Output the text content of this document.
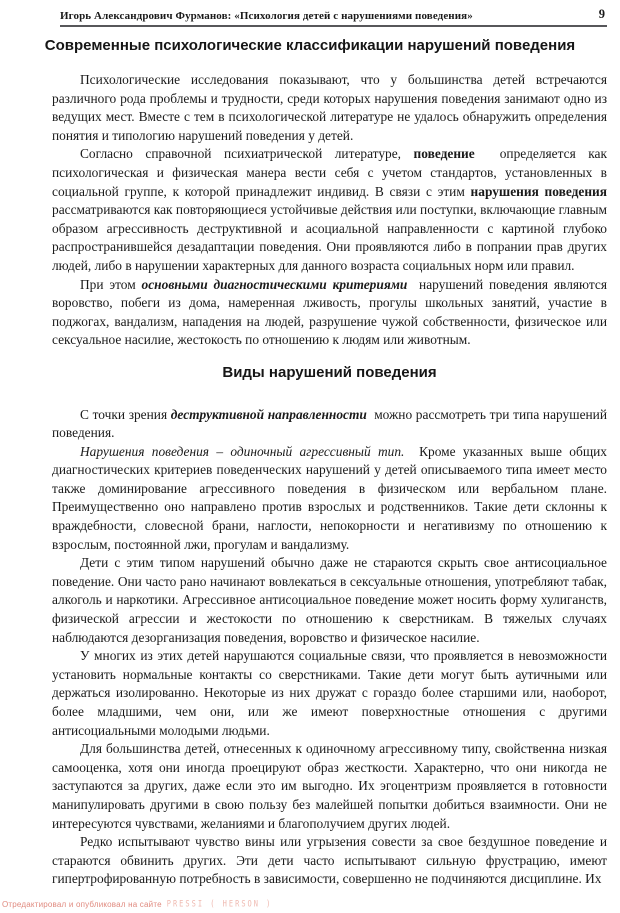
Игорь Александрович Фурманов: «Психология детей с нарушениями поведения»	9
Современные психологические классификации нарушений поведения

Психологические исследования показывают, что у большинства детей встречаются различного рода проблемы и трудности, среди которых нарушения поведения занимают одно из ведущих мест. Вместе с тем в психологической литературе не удалось обнаружить определения понятия и типологию нарушений поведения у детей.

Согласно справочной психиатрической литературе, поведение  определяется как психологическая и физическая манера вести себя с учетом стандартов, установленных в социальной группе, к которой принадлежит индивид. В связи с этим нарушения поведения рассматриваются как повторяющиеся устойчивые действия или поступки, включающие главным образом агрессивность деструктивной и асоциальной направленности с картиной глубоко распространившейся дезадаптации поведения. Они проявляются либо в попрании прав других людей, либо в нарушении характерных для данного возраста социальных норм или правил.

При этом основными диагностическими критериями  нарушений поведения являются воровство, побеги из дома, намеренная лживость, прогулы школьных занятий, участие в поджогах, вандализм, нападения на людей, разрушение чужой собственности, физическое или сексуальное насилие, жестокость по отношению к людям или животным.

Виды нарушений поведения

С точки зрения деструктивной направленности  можно рассмотреть три типа нарушений поведения.

Нарушения поведения – одиночный агрессивный тип.  Кроме указанных выше общих диагностических критериев поведенческих нарушений у детей описываемого типа имеет место также доминирование агрессивного поведения в физическом или вербальном плане. Преимущественно оно направлено против взрослых и родственников. Такие дети склонны к враждебности, словесной брани, наглости, непокорности и негативизму по отношению к взрослым, постоянной лжи, прогулам и вандализму.

Дети с этим типом нарушений обычно даже не стараются скрыть свое антисоциальное поведение. Они часто рано начинают вовлекаться в сексуальные отношения, употребляют табак, алкоголь и наркотики. Агрессивное антисоциальное поведение может носить форму хулиганств, физической агрессии и жестокости по отношению к сверстникам. В тяжелых случаях наблюдаются дезорганизация поведения, воровство и физическое насилие.

У многих из этих детей нарушаются социальные связи, что проявляется в невозможности установить нормальные контакты со сверстниками. Такие дети могут быть аутичными или держаться изолированно. Некоторые из них дружат с гораздо более старшими или, наоборот, более младшими, чем они, или же имеют поверхностные отношения с другими антисоциальными молодыми людьми.

Для большинства детей, отнесенных к одиночному агрессивному типу, свойственна низкая самооценка, хотя они иногда проецируют образ жесткости. Характерно, что они никогда не заступаются за других, даже если это им выгодно. Их эгоцентризм проявляется в готовности манипулировать другими в свою пользу без малейшей попытки добиться взаимности. Они не интересуются чувствами, желаниями и благополучием других людей.

Редко испытывают чувство вины или угрызения совести за свое бездушное поведение и стараются обвинить других. Эти дети часто испытывают сильную фрустрацию, имеют гипертрофированную потребность в зависимости, совершенно не подчиняются дисциплине. Их

Отредактировал и опубликовал на сайте PRESSI ( HERSON )
